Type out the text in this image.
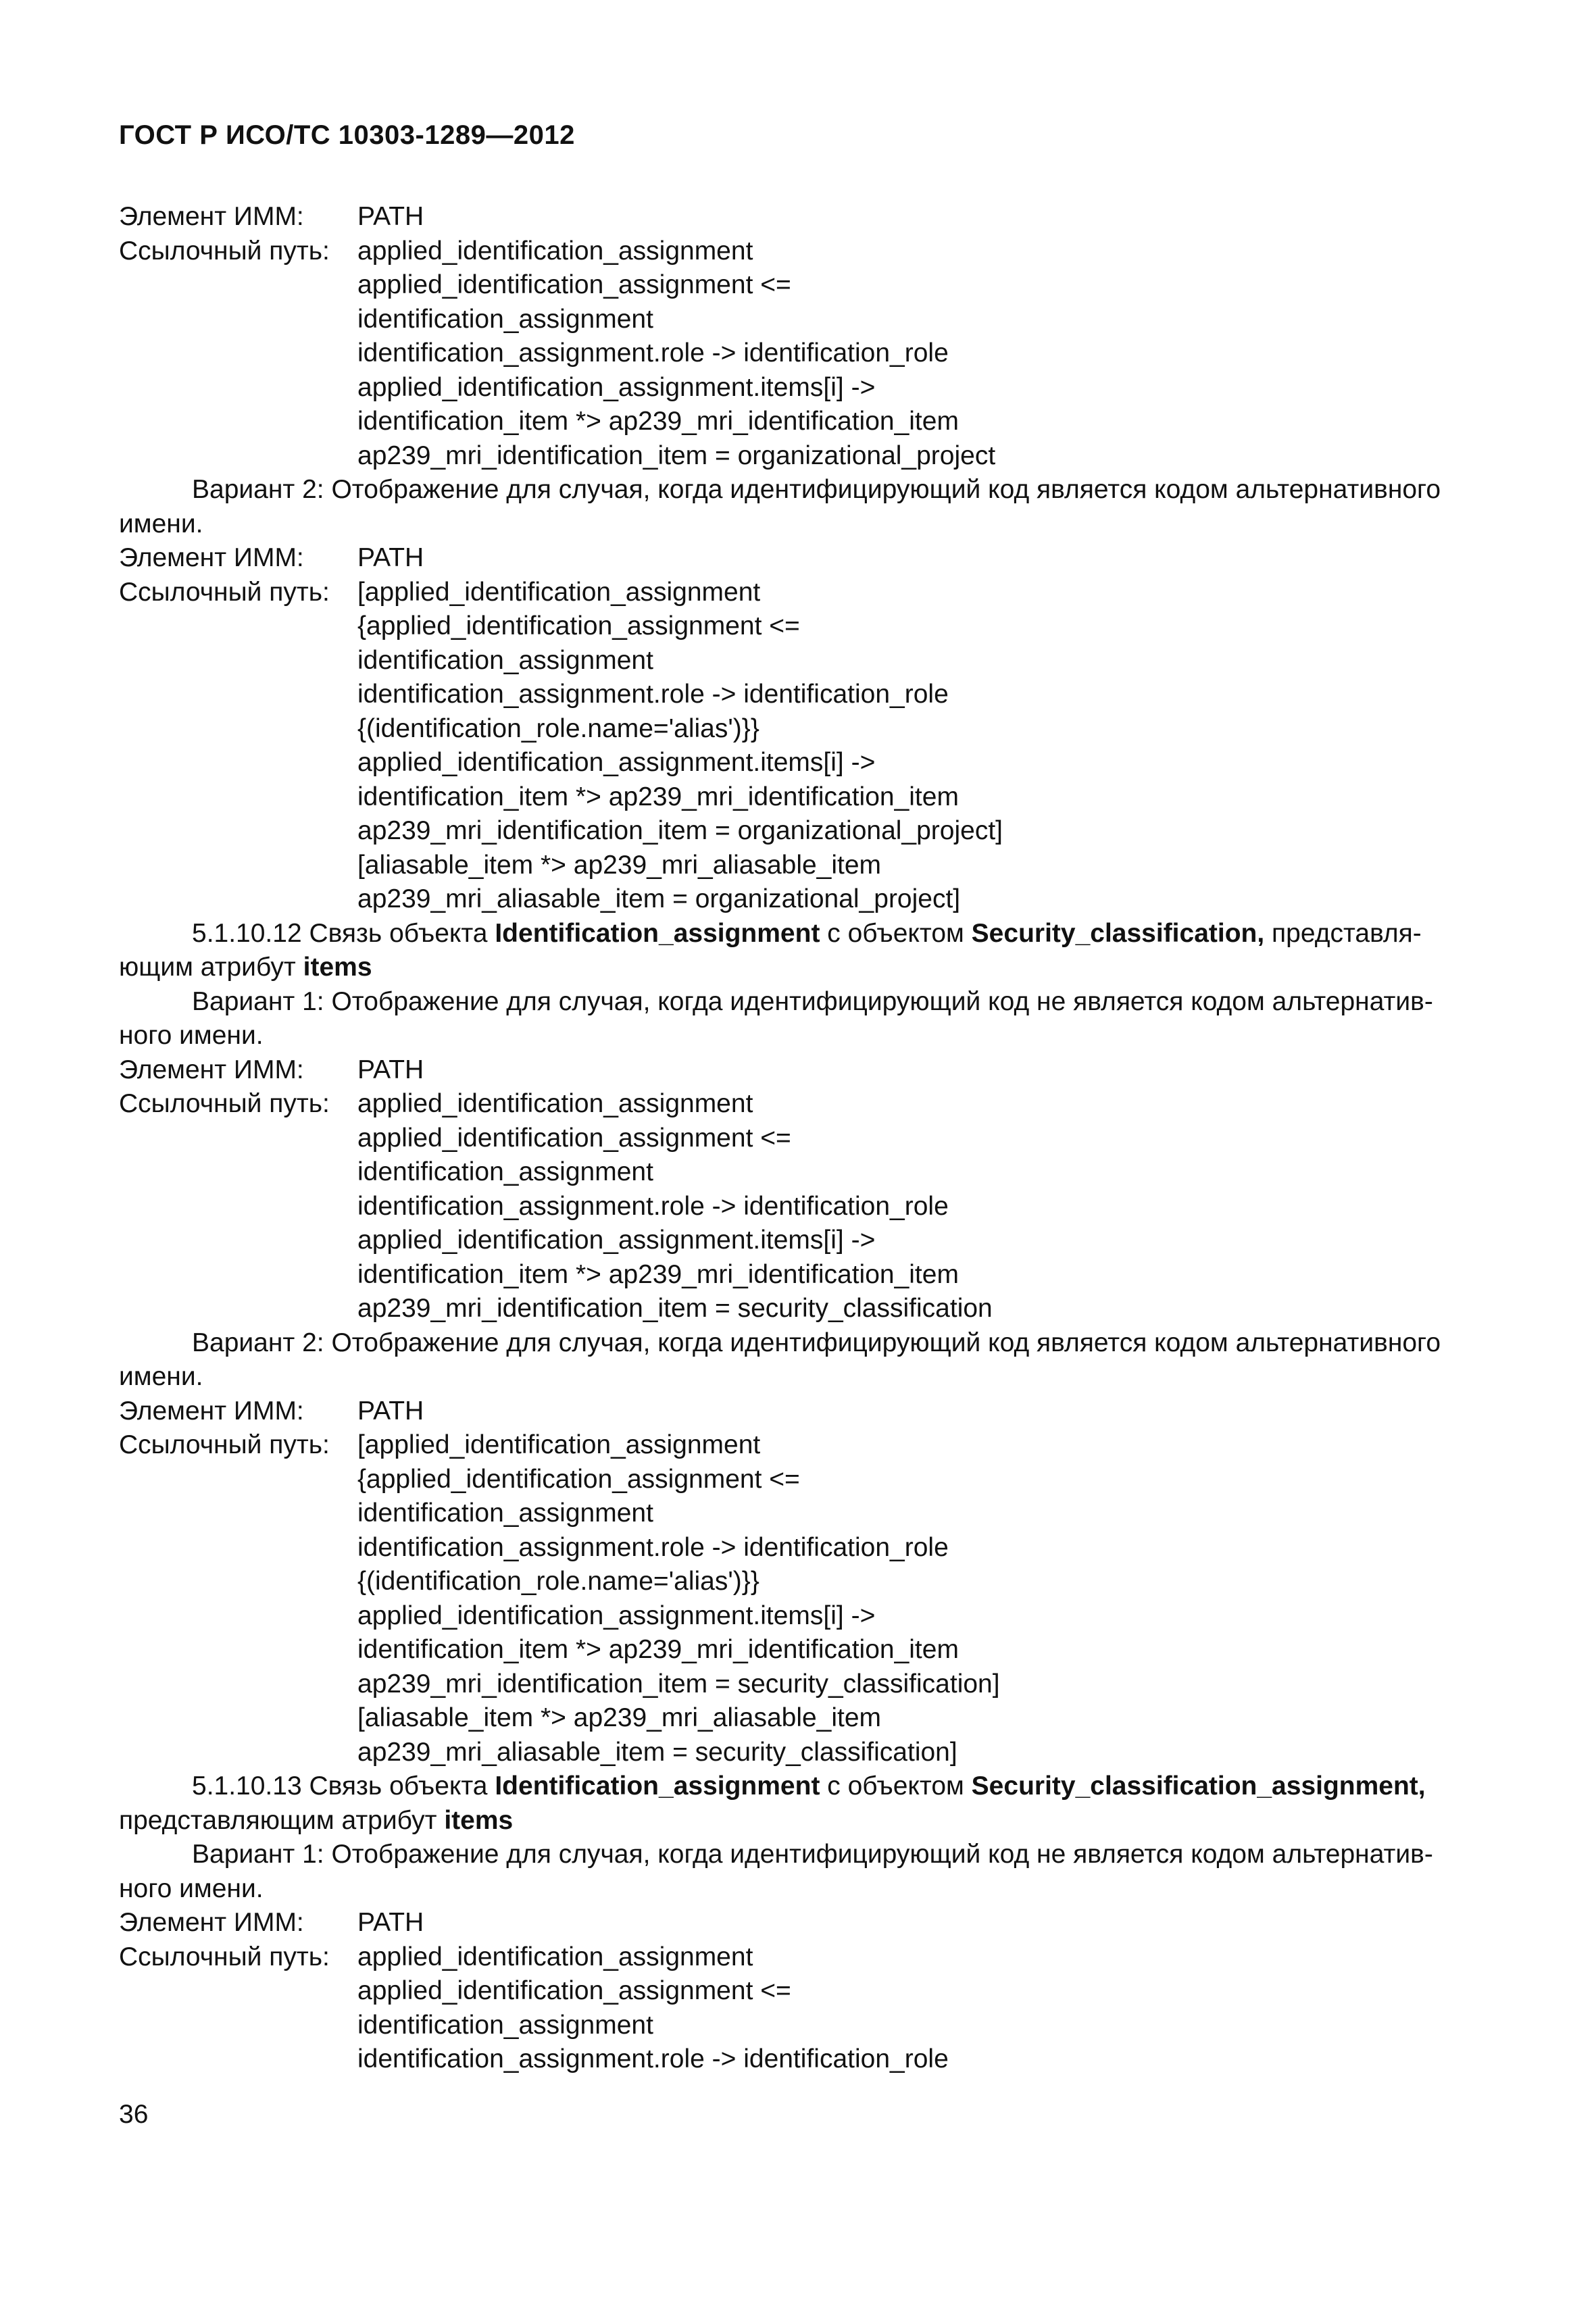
ГОСТ Р ИСО/ТС 10303-1289—2012
Элемент ИММ: PATH
Ссылочный путь: applied_identification_assignment
applied_identification_assignment <=
identification_assignment
identification_assignment.role -> identification_role
applied_identification_assignment.items[i] ->
identification_item *> ap239_mri_identification_item
ap239_mri_identification_item = organizational_project
Вариант 2: Отображение для случая, когда идентифицирующий код является кодом альтернативного
имени.
Элемент ИММ: PATH
Ссылочный путь: [applied_identification_assignment
{applied_identification_assignment <=
identification_assignment
identification_assignment.role -> identification_role
{(identification_role.name='alias')}}
applied_identification_assignment.items[i] ->
identification_item *> ap239_mri_identification_item
ap239_mri_identification_item = organizational_project]
[aliasable_item *> ap239_mri_aliasable_item
ap239_mri_aliasable_item = organizational_project]
5.1.10.12 Связь объекта Identification_assignment с объектом Security_classification, представля-
ющим атрибут items
Вариант 1: Отображение для случая, когда идентифицирующий код не является кодом альтернатив-
ного имени.
Элемент ИММ: PATH
Ссылочный путь: applied_identification_assignment
applied_identification_assignment <=
identification_assignment
identification_assignment.role -> identification_role
applied_identification_assignment.items[i] ->
identification_item *> ap239_mri_identification_item
ap239_mri_identification_item = security_classification
Вариант 2: Отображение для случая, когда идентифицирующий код является кодом альтернативного
имени.
Элемент ИММ: PATH
Ссылочный путь: [applied_identification_assignment
{applied_identification_assignment <=
identification_assignment
identification_assignment.role -> identification_role
{(identification_role.name='alias')}}
applied_identification_assignment.items[i] ->
identification_item *> ap239_mri_identification_item
ap239_mri_identification_item = security_classification]
[aliasable_item *> ap239_mri_aliasable_item
ap239_mri_aliasable_item = security_classification]
5.1.10.13 Связь объекта Identification_assignment с объектом Security_classification_assignment,
представляющим атрибут items
Вариант 1: Отображение для случая, когда идентифицирующий код не является кодом альтернатив-
ного имени.
Элемент ИММ: PATH
Ссылочный путь: applied_identification_assignment
applied_identification_assignment <=
identification_assignment
identification_assignment.role -> identification_role
36
